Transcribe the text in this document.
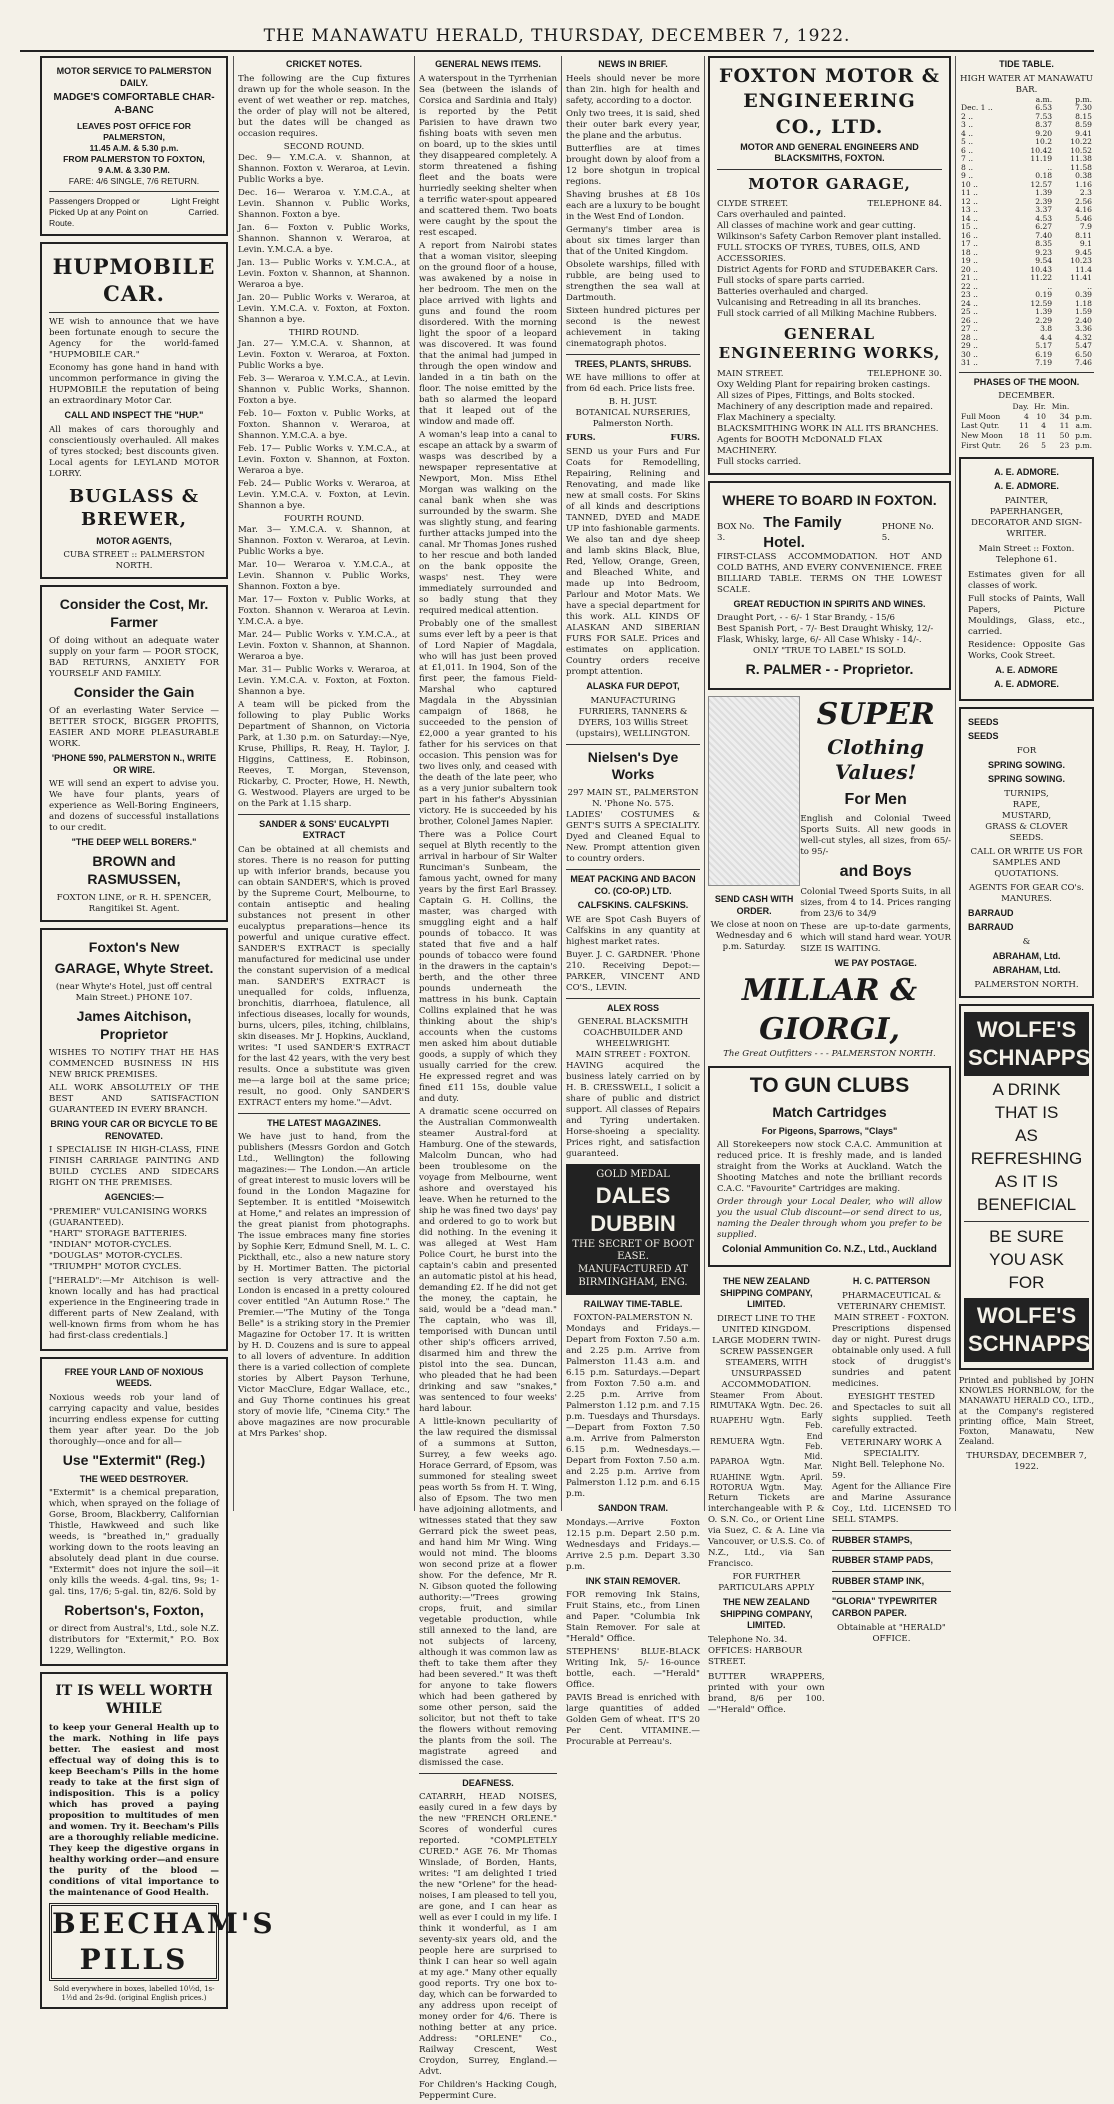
THE MANAWATU HERALD, THURSDAY, DECEMBER 7, 1922.
MOTOR SERVICE TO PALMERSTON DAILY.
MADGE'S COMFORTABLE CHAR-A-BANC
LEAVES POST OFFICE FOR PALMERSTON,
11.45 A.M. & 5.30 p.m.
FROM PALMERSTON TO FOXTON,
9 A.M. & 3.30 P.M.
FARE: 4/6 SINGLE, 7/6 RETURN.
Passengers Dropped or Picked Up at any Point on Route.
Light Freight Carried.
HUPMOBILE CAR.

WE wish to announce that we have been fortunate enough to secure the Agency for the world-famed "HUPMOBILE CAR."

Economy has gone hand in hand with uncommon performance in giving the HUPMOBILE the reputation of being an extraordinary Motor Car.

CALL AND INSPECT THE "HUP."

All makes of cars thoroughly and conscientiously overhauled. All makes of tyres stocked; best discounts given. Local agents for LEYLAND MOTOR LORRY.

BUGLASS & BREWER,
MOTOR AGENTS,
CUBA STREET :: PALMERSTON NORTH.
Consider the Cost, Mr. Farmer

Of doing without an adequate water supply on your farm — POOR STOCK, BAD RETURNS, ANXIETY FOR YOURSELF AND FAMILY.

Consider the Gain

Of an everlasting Water Service — BETTER STOCK, BIGGER PROFITS, EASIER AND MORE PLEASURABLE WORK.

'PHONE 590, PALMERSTON N., WRITE OR WIRE.

WE will send an expert to advise you. We have four plants, years of experience as Well-Boring Engineers, and dozens of successful installations to our credit.

"THE DEEP WELL BORERS."
BROWN and RASMUSSEN,
FOXTON LINE, or R. H. SPENCER, Rangitikei St. Agent.
Foxton's New
GARAGE, Whyte Street.
(near Whyte's Hotel, just off central Main Street.) PHONE 107.
James Aitchison, Proprietor

WISHES TO NOTIFY THAT HE HAS COMMENCED BUSINESS IN HIS NEW BRICK PREMISES.

ALL WORK ABSOLUTELY OF THE BEST AND SATISFACTION GUARANTEED IN EVERY BRANCH.

BRING YOUR CAR OR BICYCLE TO BE RENOVATED.

I SPECIALISE IN HIGH-CLASS, FINE FINISH CARRIAGE PAINTING AND BUILD CYCLES AND SIDECARS RIGHT ON THE PREMISES.

AGENCIES:—
"PREMIER" VULCANISING WORKS (GUARANTEED).
"HART" STORAGE BATTERIES.
"INDIAN" MOTOR-CYCLES.
"DOUGLAS" MOTOR-CYCLES.
"TRIUMPH" MOTOR CYCLES.

["HERALD":—Mr Aitchison is well-known locally and has had practical experience in the Engineering trade in different parts of New Zealand, with well-known firms from whom he has had first-class credentials.]

FREE YOUR LAND OF NOXIOUS WEEDS.

Noxious weeds rob your land of carrying capacity and value, besides incurring endless expense for cutting them year after year. Do the job thoroughly—once and for all—

Use "Extermit" (Reg.)
THE WEED DESTROYER.

"Extermit" is a chemical preparation, which, when sprayed on the foliage of Gorse, Broom, Blackberry, Californian Thistle, Hawkweed and such like weeds, is "breathed in," gradually working down to the roots leaving an absolutely dead plant in due course. "Extermit" does not injure the soil—it only kills the weeds. 4-gal. tins, 9s; 1-gal. tins, 17/6; 5-gal. tin, 82/6. Sold by

Robertson's, Foxton,

or direct from Austral's, Ltd., sole N.Z. distributors for "Extermit," P.O. Box 1229, Wellington.

IT IS WELL WORTH WHILE

to keep your General Health up to the mark. Nothing in life pays better. The easiest and most effectual way of doing this is to keep Beecham's Pills in the home ready to take at the first sign of indisposition. This is a policy which has proved a paying proposition to multitudes of men and women. Try it. Beecham's Pills are a thoroughly reliable medicine. They keep the digestive organs in healthy working order—and ensure the purity of the blood — conditions of vital importance to the maintenance of Good Health.

BEECHAM'S
PILLS
Sold everywhere in boxes, labelled 10½d, 1s-1½d and 2s-9d. (original English prices.)
CRICKET NOTES.

The following are the Cup fixtures drawn up for the whole season. In the event of wet weather or rep. matches, the order of play will not be altered, but the dates will be changed as occasion requires.

SECOND ROUND.

Dec. 9— Y.M.C.A. v. Shannon, at Shannon. Foxton v. Weraroa, at Levin. Public Works a bye.

Dec. 16— Weraroa v. Y.M.C.A., at Levin. Shannon v. Public Works, Shannon. Foxton a bye.

Jan. 6— Foxton v. Public Works, Shannon. Shannon v. Weraroa, at Levin. Y.M.C.A. a bye.

Jan. 13— Public Works v. Y.M.C.A., at Levin. Foxton v. Shannon, at Shannon. Weraroa a bye.

Jan. 20— Public Works v. Weraroa, at Levin. Y.M.C.A. v. Foxton, at Foxton. Shannon a bye.

THIRD ROUND.

Jan. 27— Y.M.C.A. v. Shannon, at Levin. Foxton v. Weraroa, at Foxton. Public Works a bye.

Feb. 3— Weraroa v. Y.M.C.A., at Levin. Shannon v. Public Works, Shannon. Foxton a bye.

Feb. 10— Foxton v. Public Works, at Foxton. Shannon v. Weraroa, at Shannon. Y.M.C.A. a bye.

Feb. 17— Public Works v. Y.M.C.A., at Levin. Foxton v. Shannon, at Foxton. Weraroa a bye.

Feb. 24— Public Works v. Weraroa, at Levin. Y.M.C.A. v. Foxton, at Levin. Shannon a bye.

FOURTH ROUND.

Mar. 3— Y.M.C.A. v. Shannon, at Shannon. Foxton v. Weraroa, at Levin. Public Works a bye.

Mar. 10— Weraroa v. Y.M.C.A., at Levin. Shannon v. Public Works, Shannon. Foxton a bye.

Mar. 17— Foxton v. Public Works, at Foxton. Shannon v. Weraroa at Levin. Y.M.C.A. a bye.

Mar. 24— Public Works v. Y.M.C.A., at Levin. Foxton v. Shannon, at Shannon. Weraroa a bye.

Mar. 31— Public Works v. Weraroa, at Levin. Y.M.C.A. v. Foxton, at Foxton. Shannon a bye.

A team will be picked from the following to play Public Works Department of Shannon, on Victoria Park, at 1.30 p.m. on Saturday:—Nye, Kruse, Phillips, R. Reay, H. Taylor, J. Higgins, Cattiness, E. Robinson, Reeves, T. Morgan, Stevenson, Rickarby, C. Procter, Howe, H. Newth, G. Westwood. Players are urged to be on the Park at 1.15 sharp.

SANDER & SONS' EUCALYPTI EXTRACT

Can be obtained at all chemists and stores. There is no reason for putting up with inferior brands, because you can obtain SANDER'S, which is proved by the Supreme Court, Melbourne, to contain antiseptic and healing substances not present in other eucalyptus preparations—hence its powerful and unique curative effect. SANDER'S EXTRACT is specially manufactured for medicinal use under the constant supervision of a medical man. SANDER'S EXTRACT is unequalled for colds, influenza, bronchitis, diarrhoea, flatulence, all infectious diseases, locally for wounds, burns, ulcers, piles, itching, chilblains, skin diseases. Mr J. Hopkins, Auckland, writes: "I used SANDER'S EXTRACT for the last 42 years, with the very best results. Once a substitute was given me—a large boil at the same price; result, no good. Only SANDER'S EXTRACT enters my home."—Advt.

THE LATEST MAGAZINES.

We have just to hand, from the publishers (Messrs Gordon and Gotch Ltd., Wellington) the following magazines:— The London.—An article of great interest to music lovers will be found in the London Magazine for September. It is entitled "Moisewitch at Home," and relates an impression of the great pianist from photographs. The issue embraces many fine stories by Sophie Kerr, Edmund Snell, M. L. C. Pickthall, etc., also a new nature story by H. Mortimer Batten. The pictorial section is very attractive and the London is encased in a pretty coloured cover entitled "An Autumn Rose." The Premier.—"The Mutiny of the Tonga Belle" is a striking story in the Premier Magazine for October 17. It is written by H. D. Couzens and is sure to appeal to all lovers of adventure. In addition there is a varied collection of complete stories by Albert Payson Terhune, Victor MacClure, Edgar Wallace, etc., and Guy Thorne continues his great story of movie life, "Cinema City." The above magazines are now procurable at Mrs Parkes' shop.

GENERAL NEWS ITEMS.

A waterspout in the Tyrrhenian Sea (between the islands of Corsica and Sardinia and Italy) is reported by the Petit Parisien to have drawn two fishing boats with seven men on board, up to the skies until they disappeared completely. A storm threatened a fishing fleet and the boats were hurriedly seeking shelter when a terrific water-spout appeared and scattered them. Two boats were caught by the spout the rest escaped.

A report from Nairobi states that a woman visitor, sleeping on the ground floor of a house, was awakened by a noise in her bedroom. The men on the place arrived with lights and guns and found the room disordered. With the morning light the spoor of a leopard was discovered. It was found that the animal had jumped in through the open window and landed in a tin bath on the floor. The noise emitted by the bath so alarmed the leopard that it leaped out of the window and made off.

A woman's leap into a canal to escape an attack by a swarm of wasps was described by a newspaper representative at Newport, Mon. Miss Ethel Morgan was walking on the canal bank when she was surrounded by the swarm. She was slightly stung, and fearing further attacks jumped into the canal. Mr Thomas Jones rushed to her rescue and both landed on the bank opposite the wasps' nest. They were immediately surrounded and so badly stung that they required medical attention.

Probably one of the smallest sums ever left by a peer is that of Lord Napier of Magdala, who will has just been proved at £1,011. In 1904, Son of the first peer, the famous Field-Marshal who captured Magdala in the Abyssinian campaign of 1868, he succeeded to the pension of £2,000 a year granted to his father for his services on that occasion. This pension was for two lives only, and ceased with the death of the late peer, who as a very junior subaltern took part in his father's Abyssinian victory. He is succeeded by his brother, Colonel James Napier.

There was a Police Court sequel at Blyth recently to the arrival in harbour of Sir Walter Runciman's Sunbeam, the famous yacht, owned for many years by the first Earl Brassey. Captain G. H. Collins, the master, was charged with smuggling eight and a half pounds of tobacco. It was stated that five and a half pounds of tobacco were found in the drawers in the captain's berth, and the other three pounds underneath the mattress in his bunk. Captain Collins explained that he was thinking about the ship's accounts when the customs men asked him about dutiable goods, a supply of which they usually carried for the crew. He expressed regret and was fined £11 15s, double value and duty.

A dramatic scene occurred on the Australian Commonwealth steamer Austral-ford at Hamburg. One of the stewards, Malcolm Duncan, who had been troublesome on the voyage from Melbourne, went ashore and overstayed his leave. When he returned to the ship he was fined two days' pay and ordered to go to work but did nothing. In the evening it was alleged at West Ham Police Court, he burst into the captain's cabin and presented an automatic pistol at his head, demanding £2. If he did not get the money, the captain, he said, would be a "dead man." The captain, who was ill, temporised with Duncan until other ship's officers arrived, disarmed him and threw the pistol into the sea. Duncan, who pleaded that he had been drinking and saw "snakes," was sentenced to four weeks' hard labour.

A little-known peculiarity of the law required the dismissal of a summons at Sutton, Surrey, a few weeks ago. Horace Gerrard, of Epsom, was summoned for stealing sweet peas worth 5s from H. T. Wing, also of Epsom. The two men have adjoining allotments, and witnesses stated that they saw Gerrard pick the sweet peas, and hand him Mr Wing. Wing would not mind. The blooms won second prize at a flower show. For the defence, Mr R. N. Gibson quoted the following authority:—"Trees growing crops, fruit, and similar vegetable production, while still annexed to the land, are not subjects of larceny, although it was common law as theft to take them after they had been severed." It was theft for anyone to take flowers which had been gathered by some other person, said the solicitor, but not theft to take the flowers without removing the plants from the soil. The magistrate agreed and dismissed the case.

DEAFNESS.

CATARRH, HEAD NOISES, easily cured in a few days by the new "FRENCH ORLENE." Scores of wonderful cures reported. "COMPLETELY CURED." AGE 76. Mr Thomas Winslade, of Borden, Hants, writes: "I am delighted I tried the new "Orlene" for the head-noises, I am pleased to tell you, are gone, and I can hear as well as ever I could in my life. I think it wonderful, as I am seventy-six years old, and the people here are surprised to think I can hear so well again at my age." Many other equally good reports. Try one box to-day, which can be forwarded to any address upon receipt of money order for 4/6. There is nothing better at any price. Address: "ORLENE" Co., Railway Crescent, West Croydon, Surrey, England.—Advt.

For Children's Hacking Cough, Peppermint Cure.

NEWS IN BRIEF.

Heels should never be more than 2in. high for health and safety, according to a doctor.

Only two trees, it is said, shed their outer bark every year, the plane and the arbutus.

Butterflies are at times brought down by aloof from a 12 bore shotgun in tropical regions.

Shaving brushes at £8 10s each are a luxury to be bought in the West End of London.

Germany's timber area is about six times larger than that of the United Kingdom.

Obsolete warships, filled with rubble, are being used to strengthen the sea wall at Dartmouth.

Sixteen hundred pictures per second is the newest achievement in taking cinematograph photos.

TREES, PLANTS, SHRUBS.

WE have millions to offer at from 6d each. Price lists free.

B. H. JUST.
BOTANICAL NURSERIES, Palmerston North.
FURS.	FURS.

SEND us your Furs and Fur Coats for Remodelling, Repairing, Relining and Renovating, and made like new at small costs. For Skins of all kinds and descriptions TANNED, DYED and MADE UP into fashionable garments. We also tan and dye sheep and lamb skins Black, Blue, Red, Yellow, Orange, Green, and Bleached White, and made up into Bedroom, Parlour and Motor Mats. We have a special department for this work. ALL KINDS OF ALASKAN AND SIBERIAN FURS FOR SALE. Prices and estimates on application. Country orders receive prompt attention.

ALASKA FUR DEPOT,
MANUFACTURING FURRIERS, TANNERS & DYERS, 103 Willis Street (upstairs), WELLINGTON.
Nielsen's Dye Works
297 MAIN ST., PALMERSTON N. 'Phone No. 575.

LADIES' COSTUMES & GENT'S SUITS A SPECIALITY. Dyed and Cleaned Equal to New. Prompt attention given to country orders.

MEAT PACKING AND BACON CO. (CO-OP.) LTD.
CALFSKINS. CALFSKINS.

WE are Spot Cash Buyers of Calfskins in any quantity at highest market rates.

Buyer. J. C. GARDNER. 'Phone 210. Receiving Depot:— PARKER, VINCENT AND CO'S., LEVIN.

ALEX ROSS
GENERAL BLACKSMITH COACHBUILDER AND WHEELWRIGHT.
MAIN STREET : FOXTON.

HAVING acquired the business lately carried on by H. B. CRESSWELL, I solicit a share of public and district support. All classes of Repairs and Tyring undertaken. Horse-shoeing a speciality. Prices right, and satisfaction guaranteed.

GOLD MEDAL
DALES DUBBIN
THE SECRET OF BOOT EASE. MANUFACTURED AT BIRMINGHAM, ENG.
RAILWAY TIME-TABLE.
FOXTON-PALMERSTON N.

Mondays and Fridays.—Depart from Foxton 7.50 a.m. and 2.25 p.m. Arrive from Palmerston 11.43 a.m. and 6.15 p.m. Saturdays.—Depart from Foxton 7.50 a.m. and 2.25 p.m. Arrive from Palmerston 1.12 p.m. and 7.15 p.m. Tuesdays and Thursdays.—Depart from Foxton 7.50 a.m. Arrive from Palmerston 6.15 p.m. Wednesdays.—Depart from Foxton 7.50 a.m. and 2.25 p.m. Arrive from Palmerston 1.12 p.m. and 6.15 p.m.

SANDON TRAM.

Mondays.—Arrive Foxton 12.15 p.m. Depart 2.50 p.m. Wednesdays and Fridays.—Arrive 2.5 p.m. Depart 3.30 p.m.

INK STAIN REMOVER.

FOR removing Ink Stains, Fruit Stains, etc., from Linen and Paper. "Columbia Ink Stain Remover. For sale at "Herald" Office.

STEPHENS' BLUE-BLACK Writing Ink, 5/- 16-ounce bottle, each. —"Herald" Office.

PAVIS Bread is enriched with large quantities of added Golden Gem of wheat. IT'S 20 Per Cent. VITAMINE.—Procurable at Perreau's.

FOXTON MOTOR &
ENGINEERING
CO., LTD.
MOTOR AND GENERAL ENGINEERS AND BLACKSMITHS, FOXTON.
MOTOR GARAGE,
CLYDE STREET.	TELEPHONE 84.
Cars overhauled and painted.
All classes of machine work and gear cutting.
Wilkinson's Safety Carbon Remover plant installed.
FULL STOCKS OF TYRES, TUBES, OILS, AND ACCESSORIES.
District Agents for FORD and STUDEBAKER Cars. Full stocks of spare parts carried.
Batteries overhauled and charged.
Vulcanising and Retreading in all its branches.
Full stock carried of all Milking Machine Rubbers.
GENERAL ENGINEERING WORKS,
MAIN STREET.	TELEPHONE 30.
Oxy Welding Plant for repairing broken castings.
All sizes of Pipes, Fittings, and Bolts stocked.
Machinery of any description made and repaired. Flax Machinery a specialty.
BLACKSMITHING WORK IN ALL ITS BRANCHES.
Agents for BOOTH McDONALD FLAX MACHINERY.
Full stocks carried.
WHERE TO BOARD IN FOXTON.
BOX No. 3.
The Family Hotel.
PHONE No. 5.

FIRST-CLASS ACCOMMODATION. HOT AND COLD BATHS, AND EVERY CONVENIENCE. FREE BILLIARD TABLE. TERMS ON THE LOWEST SCALE.

GREAT REDUCTION IN SPIRITS AND WINES.
Draught Port, - - 6/- 1 Star Brandy, - 15/6
Best Spanish Port, - 7/- Best Draught Whisky, 12/-
Flask, Whisky, large, 6/- All Case Whisky - 14/-.
ONLY "TRUE TO LABEL" IS SOLD.
R. PALMER - - Proprietor.
SEND CASH WITH ORDER.
We close at noon on Wednesday and 6 p.m. Saturday.
SUPER
Clothing Values!
For Men

English and Colonial Tweed Sports Suits. All new goods in well-cut styles, all sizes, from 65/- to 95/-

and Boys

Colonial Tweed Sports Suits, in all sizes, from 4 to 14. Prices ranging from 23/6 to 34/9

These are up-to-date garments, which will stand hard wear. YOUR SIZE IS WAITING.

WE PAY POSTAGE.
MILLAR & GIORGI,
The Great Outfitters - - - PALMERSTON NORTH.
TO GUN CLUBS
Match Cartridges
For Pigeons, Sparrows, "Clays"

All Storekeepers now stock C.A.C. Ammunition at reduced price. It is freshly made, and is landed straight from the Works at Auckland. Watch the Shooting Matches and note the brilliant records C.A.C. "Favourite" Cartridges are making.

Order through your Local Dealer, who will allow you the usual Club discount—or send direct to us, naming the Dealer through whom you prefer to be supplied.

Colonial Ammunition Co. N.Z., Ltd., Auckland
THE NEW ZEALAND SHIPPING COMPANY, LIMITED.
DIRECT LINE TO THE UNITED KINGDOM.
LARGE MODERN TWIN-SCREW PASSENGER STEAMERS, WITH UNSURPASSED ACCOMMODATION.
Steamer	From	About.
RIMUTAKA	Wgtn.	Dec. 26.
RUAPEHU	Wgtn.	Early Feb.
REMUERA	Wgtn.	End Feb.
PAPAROA	Wgtn.	Mid. Mar.
RUAHINE	Wgtn.	April.
ROTORUA	Wgtn.	May.

Return Tickets are interchangeable with P. & O. S.N. Co., or Orient Line via Suez, C. & A. Line via Vancouver, or U.S.S. Co. of N.Z., Ltd., via San Francisco.

FOR FURTHER PARTICULARS APPLY
THE NEW ZEALAND SHIPPING COMPANY, LIMITED.
Telephone No. 34.
OFFICES: HARBOUR STREET.

BUTTER WRAPPERS, printed with your own brand, 8/6 per 100. —"Herald" Office.

H. C. PATTERSON
PHARMACEUTICAL & VETERINARY CHEMIST.
MAIN STREET - FOXTON.

Prescriptions dispensed day or night. Purest drugs obtainable only used. A full stock of druggist's sundries and patent medicines.

EYESIGHT TESTED

and Spectacles to suit all sights supplied. Teeth carefully extracted.

VETERINARY WORK A SPECIALITY.
Night Bell. Telephone No. 59.

Agent for the Alliance Fire and Marine Assurance Coy., Ltd. LICENSED TO SELL STAMPS.

RUBBER STAMPS,
RUBBER STAMP PADS,
RUBBER STAMP INK,
"GLORIA" TYPEWRITER CARBON PAPER.
Obtainable at "HERALD" OFFICE.
TIDE TABLE.
HIGH WATER AT MANAWATU BAR.
	a.m.	p.m.
Dec. 1 ..	6.53	7.30
2 ..	7.53	8.15
3 ..	8.37	8.59
4 ..	9.20	9.41
5 ..	10.2	10.22
6 ..	10.42	10.52
7 ..	11.19	11.38
8 ..	..	11.58
9 ..	0.18	0.38
10 ..	12.57	1.16
11 ..	1.39	2.3
12 ..	2.39	2.56
13 ..	3.37	4.16
14 ..	4.53	5.46
15 ..	6.27	7.9
16 ..	7.40	8.11
17 ..	8.35	9.1
18 ..	9.23	9.45
19 ..	9.54	10.23
20 ..	10.43	11.4
21 ..	11.22	11.41
22 ..	..	..
23 ..	0.19	0.39
24 ..	12.59	1.18
25 ..	1.39	1.59
26 ..	2.29	2.40
27 ..	3.8	3.36
28 ..	4.4	4.32
29 ..	5.17	5.47
30 ..	6.19	6.50
31 ..	7.19	7.46
PHASES OF THE MOON.
DECEMBER.
	Day.	Hr.	Min.	
Full Moon	4	10	34	p.m.
Last Qutr.	11	4	11	a.m.
New Moon	18	11	50	p.m.
First Qutr.	26	5	23	p.m.
A. E. ADMORE.
A. E. ADMORE.
PAINTER, PAPERHANGER, DECORATOR AND SIGN-WRITER.
Main Street :: Foxton.
Telephone 61.

Estimates given for all classes of work.

Full stocks of Paints, Wall Papers, Picture Mouldings, Glass, etc., carried.

Residence: Opposite Gas Works, Cook Street.

A. E. ADMORE
A. E. ADMORE.
SEEDS
SEEDS
FOR
SPRING SOWING.
SPRING SOWING.
TURNIPS,
RAPE,
MUSTARD,
GRASS & CLOVER SEEDS.
CALL OR WRITE US FOR SAMPLES AND QUOTATIONS.
AGENTS FOR GEAR CO's. MANURES.
BARRAUD
BARRAUD
&
ABRAHAM, Ltd.
ABRAHAM, Ltd.
PALMERSTON NORTH.
WOLFE'S SCHNAPPS
A DRINK
THAT IS
AS
REFRESHING
AS IT IS
BENEFICIAL
BE SURE
YOU ASK
FOR
WOLFE'S SCHNAPPS

Printed and published by JOHN KNOWLES HORNBLOW, for the MANAWATU HERALD CO., LTD., at the Company's registered printing office, Main Street, Foxton, Manawatu, New Zealand.

THURSDAY, DECEMBER 7, 1922.
